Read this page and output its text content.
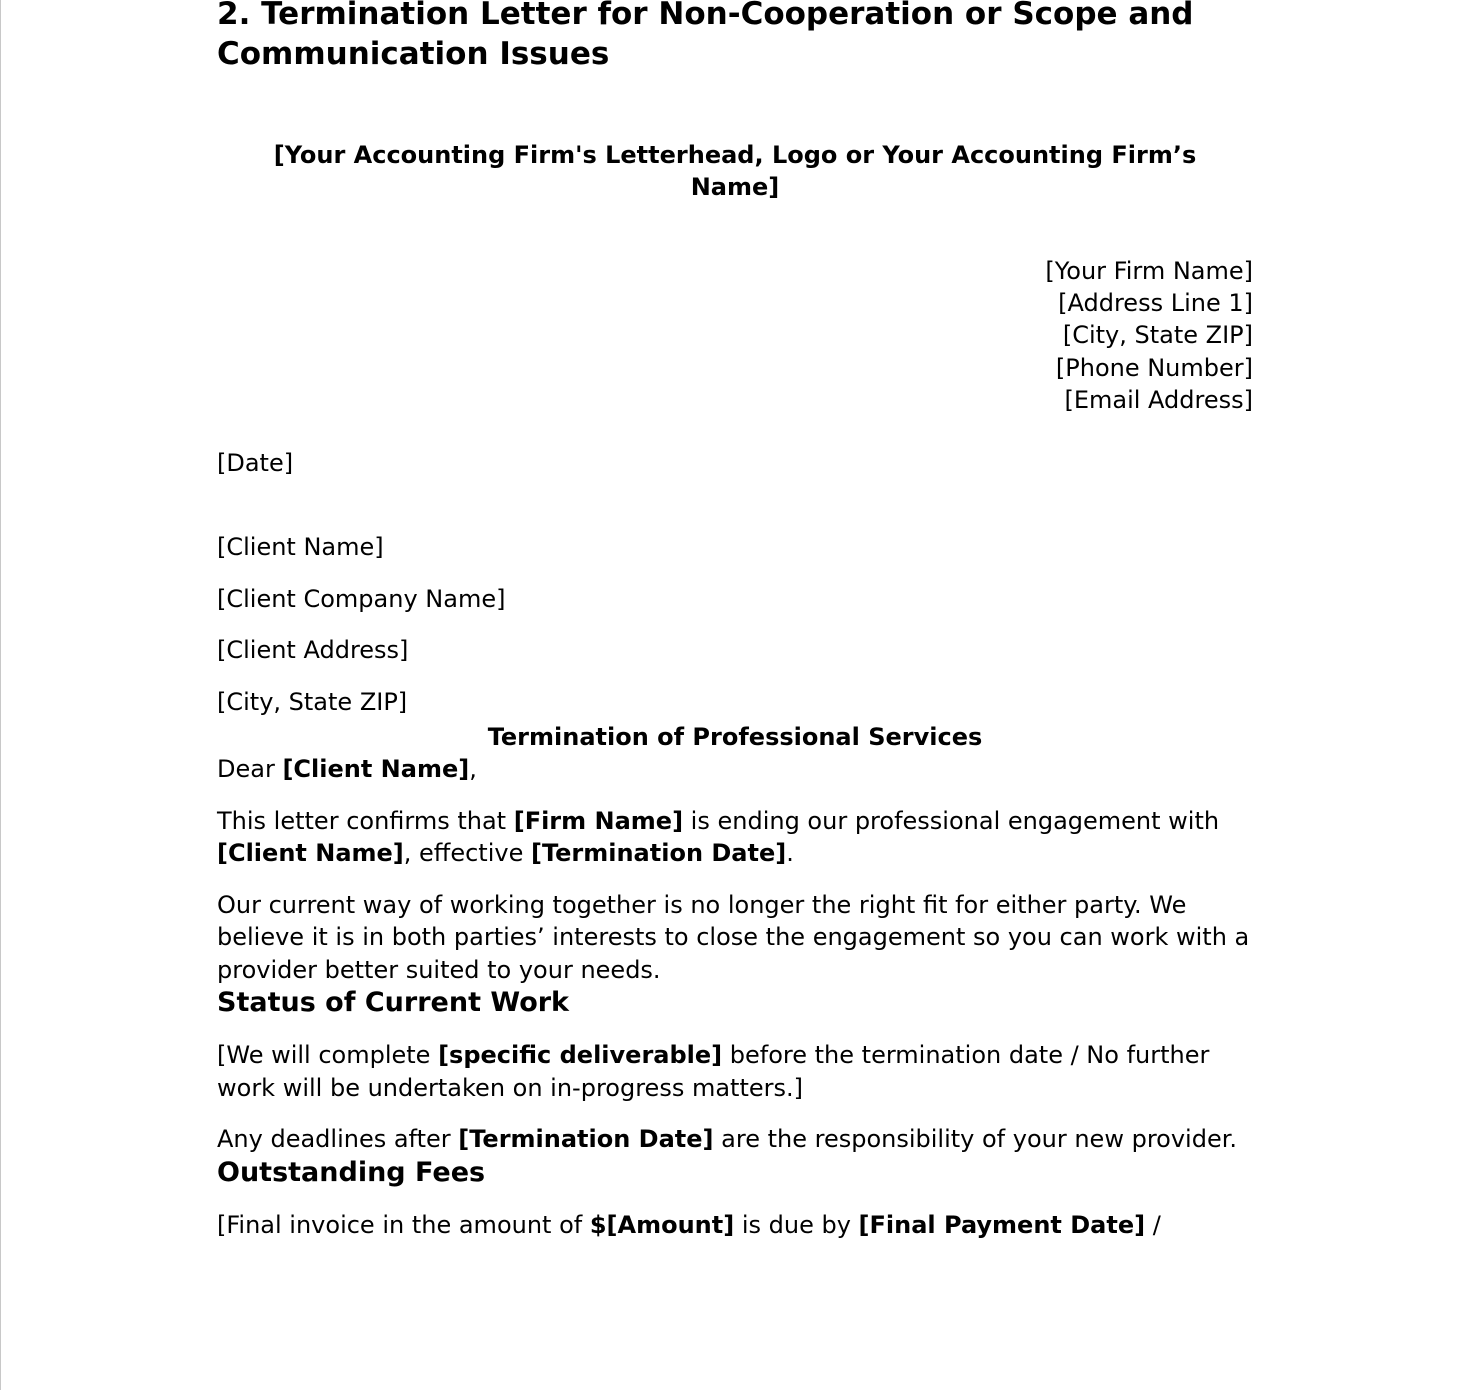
2. Termination Letter for Non-Cooperation or Scope and Communication Issues
[Your Accounting Firm's Letterhead, Logo or Your Accounting Firm’s Name]
[Your Firm Name]
[Address Line 1]
[City, State ZIP]
[Phone Number]
[Email Address]
[Date]
[Client Name]
[Client Company Name]
[Client Address]
[City, State ZIP]
Termination of Professional Services

Dear [Client Name],

This letter confirms that [Firm Name] is ending our professional engagement with [Client Name], effective [Termination Date].

Our current way of working together is no longer the right fit for either party. We believe it is in both parties’ interests to close the engagement so you can work with a provider better suited to your needs.

Status of Current Work

[We will complete [specific deliverable] before the termination date / No further work will be undertaken on in-progress matters.]

Any deadlines after [Termination Date] are the responsibility of your new provider.

Outstanding Fees

[Final invoice in the amount of $[Amount] is due by [Final Payment Date] /
